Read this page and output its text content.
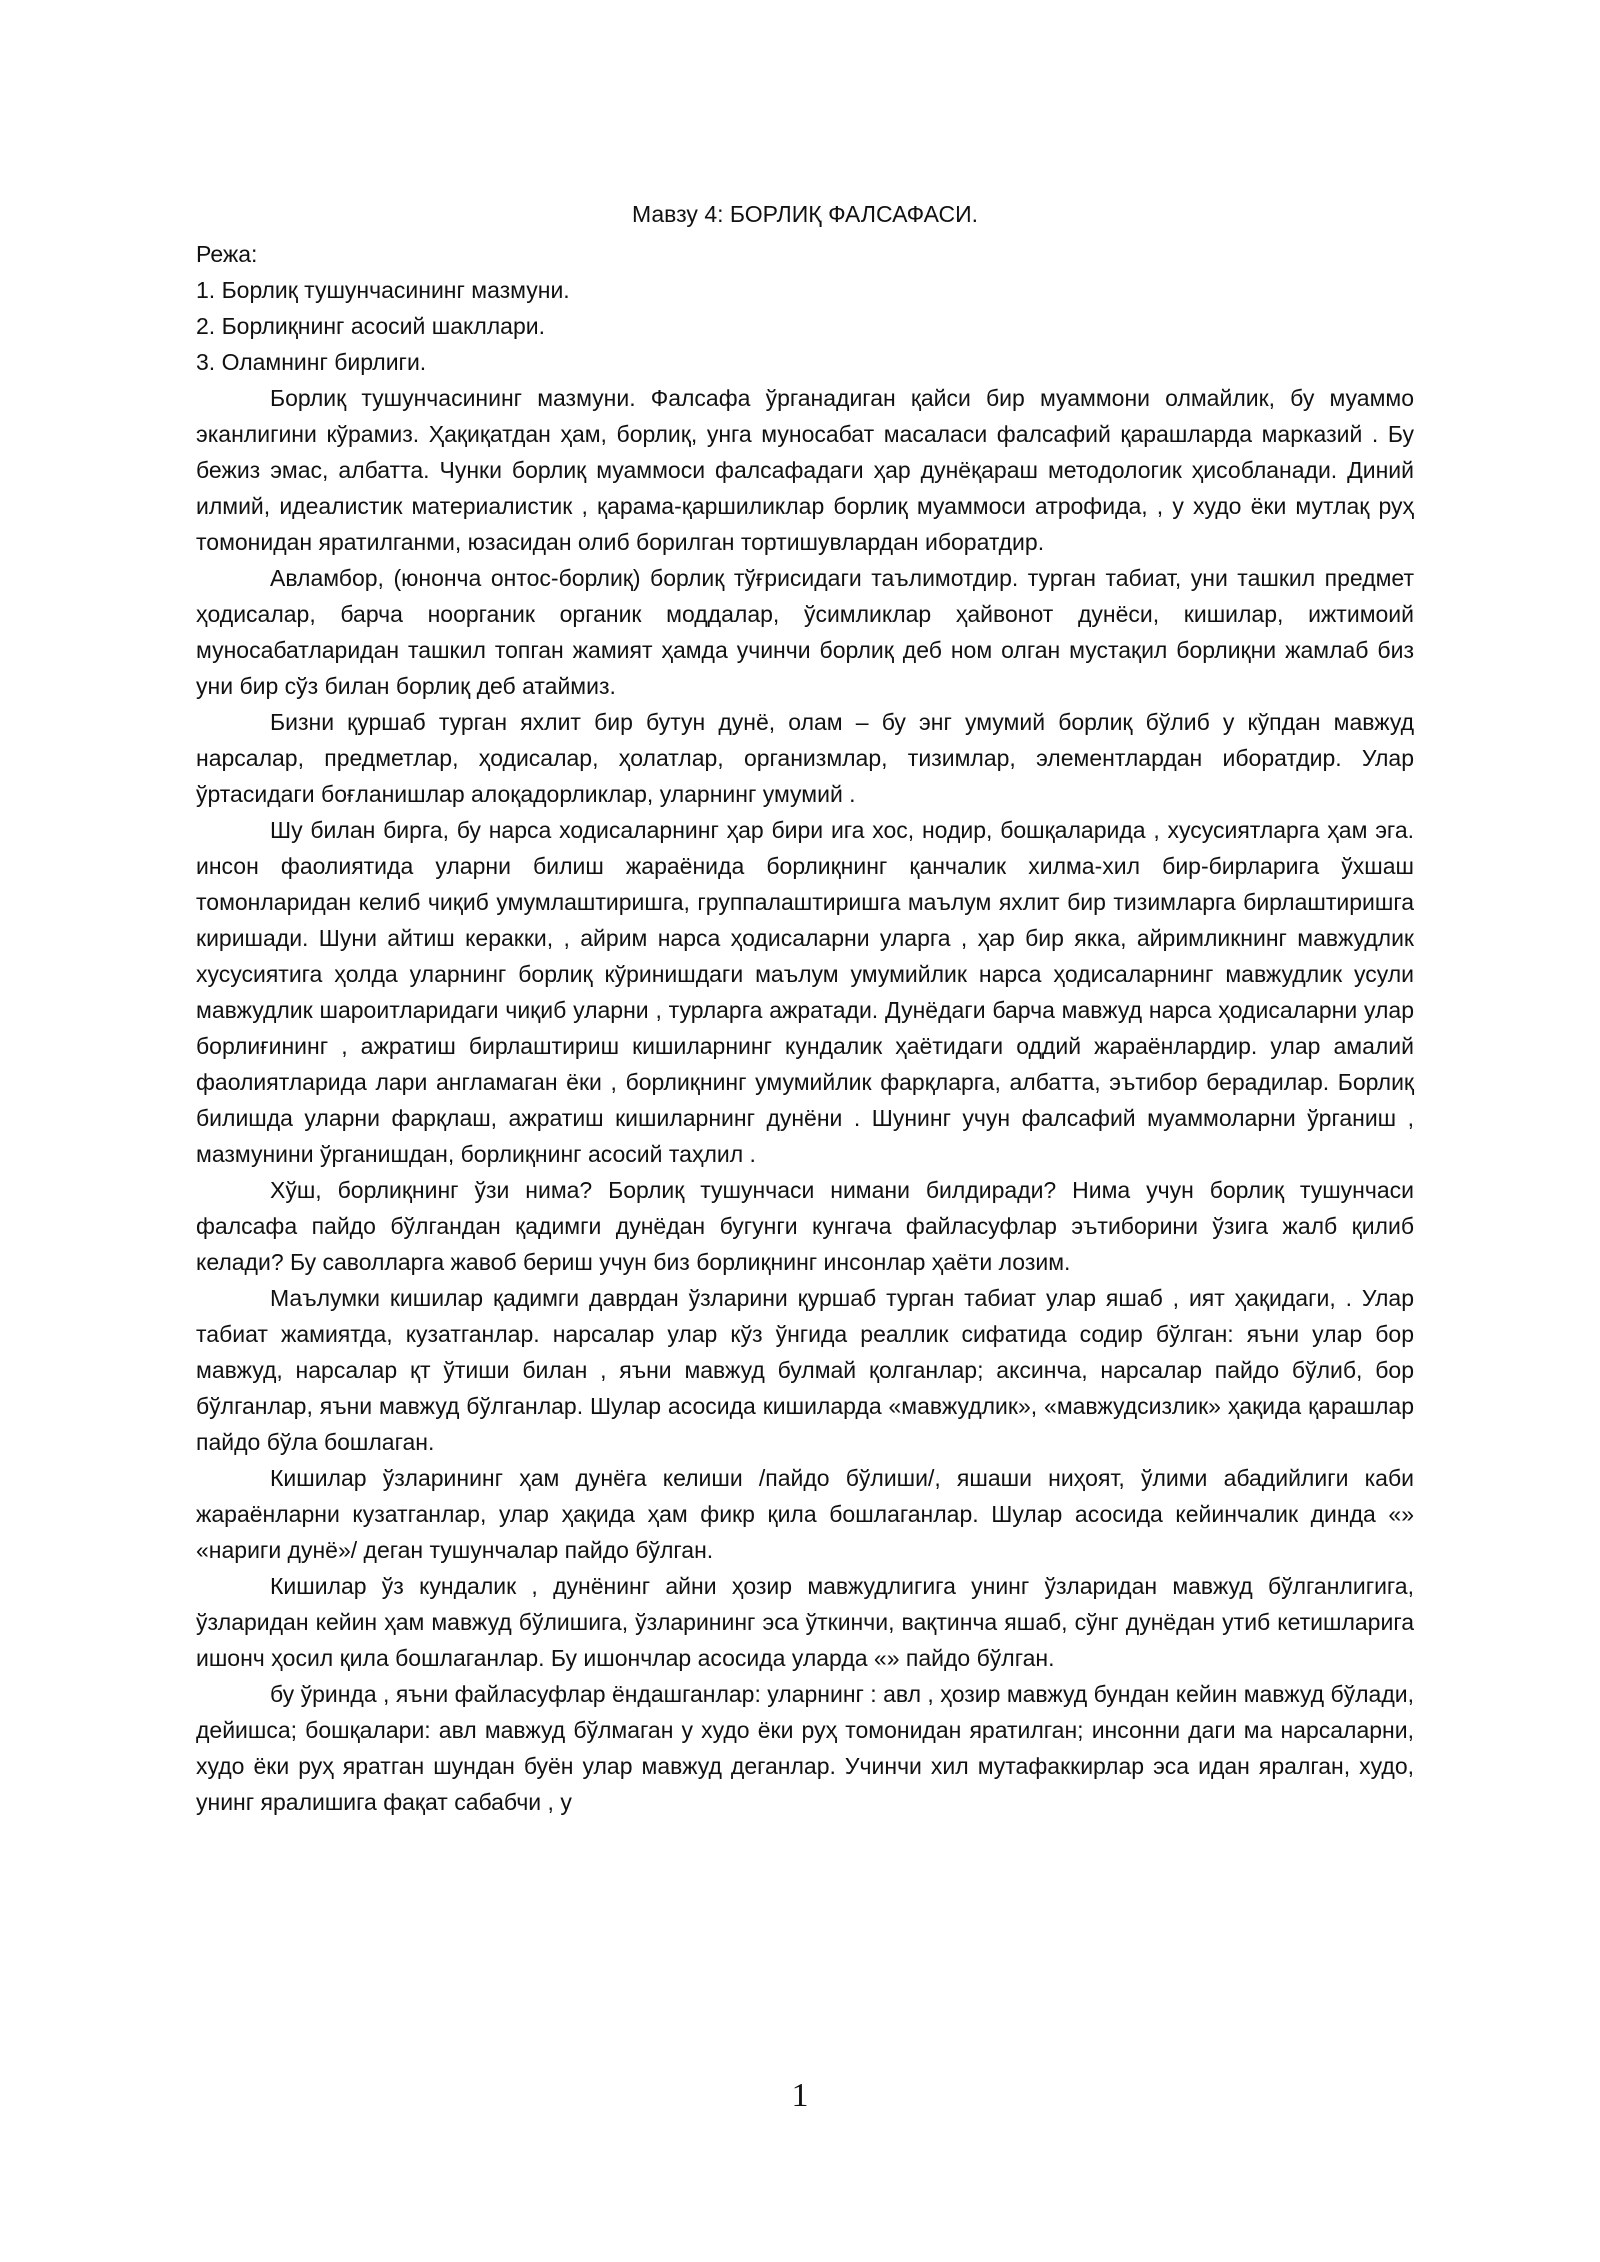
Мавзу 4: БОРЛИҚ ФАЛСАФАСИ.

Режа:

1. Борлиқ тушунчасининг мазмуни.

2. Борлиқнинг асосий шакллари.

3. Оламнинг бирлиги.

Борлиқ тушунчасининг мазмуни. Фалсафа ўрганадиган қайси бир муаммони олмайлик, бу муаммо эканлигини кўрамиз. Ҳақиқатдан ҳам, борлиқ, унга муносабат масаласи фалсафий қарашларда марказий . Бу бежиз эмас, албатта. Чунки борлиқ муаммоси фалсафадаги ҳар дунёқараш методологик ҳисобланади. Диний илмий, идеалистик материалистик , қарама-қаршиликлар борлиқ муаммоси атрофида, , у худо ёки мутлақ руҳ томонидан яратилганми, юзасидан олиб борилган тортишувлардан иборатдир.

Авламбор, (юнонча онтос-борлиқ) борлиқ тўғрисидаги таълимотдир. турган табиат, уни ташкил предмет ҳодисалар, барча ноорганик органик моддалар, ўсимликлар ҳайвонот дунёси, кишилар, ижтимоий муносабатларидан ташкил топган жамият ҳамда учинчи борлиқ деб ном олган мустақил борлиқни жамлаб биз уни бир сўз билан борлиқ деб атаймиз.

Бизни қуршаб турган яхлит бир бутун дунё, олам – бу энг умумий борлиқ бўлиб у кўпдан мавжуд нарсалар, предметлар, ҳодисалар, ҳолатлар, организмлар, тизимлар, элементлардан иборатдир. Улар ўртасидаги боғланишлар алоқадорликлар, уларнинг умумий .

Шу билан бирга, бу нарса ходисаларнинг ҳар бири ига хос, нодир, бошқаларида , хусусиятларга ҳам эга. инсон фаолиятида уларни билиш жараёнида борлиқнинг қанчалик хилма-хил бир-бирларига ўхшаш томонларидан келиб чиқиб умумлаштиришга, группалаштиришга маълум яхлит бир тизимларга бирлаштиришга киришади. Шуни айтиш керакки, , айрим нарса ҳодисаларни уларга , ҳар бир якка, айримликнинг мавжудлик хусусиятига ҳолда уларнинг борлиқ кўринишдаги маълум умумийлик нарса ҳодисаларнинг мавжудлик усули мавжудлик шароитларидаги чиқиб уларни , турларга ажратади. Дунёдаги барча мавжуд нарса ҳодисаларни улар борлиғининг , ажратиш бирлаштириш кишиларнинг кундалик ҳаётидаги оддий жараёнлардир. улар амалий фаолиятларида лари англамаган ёки , борлиқнинг умумийлик фарқларга, албатта, эътибор берадилар. Борлиқ билишда уларни фарқлаш, ажратиш кишиларнинг дунёни . Шунинг учун фалсафий муаммоларни ўрганиш , мазмунини ўрганишдан, борлиқнинг асосий таҳлил .

Хўш, борлиқнинг ўзи нима? Борлиқ тушунчаси нимани билдиради? Нима учун борлиқ тушунчаси фалсафа пайдо бўлгандан қадимги дунёдан бугунги кунгача файласуфлар эътиборини ўзига жалб қилиб келади? Бу саволларга жавоб бериш учун биз борлиқнинг инсонлар ҳаёти лозим.

Маълумки кишилар қадимги даврдан ўзларини қуршаб турган табиат улар яшаб , ият ҳақидаги, . Улар табиат жамиятда, кузатганлар. нарсалар улар кўз ўнгида реаллик сифатида содир бўлган: яъни улар бор мавжуд, нарсалар қт ўтиши билан , яъни мавжуд булмай қолганлар; аксинча, нарсалар пайдо бўлиб, бор бўлганлар, яъни мавжуд бўлганлар. Шулар асосида кишиларда «мавжудлик», «мавжудсизлик» ҳақида қарашлар пайдо бўла бошлаган.

Кишилар ўзларининг ҳам дунёга келиши /пайдо бўлиши/, яшаши ниҳоят, ўлими абадийлиги каби жараёнларни кузатганлар, улар ҳақида ҳам фикр қила бошлаганлар. Шулар асосида кейинчалик динда «» «нариги дунё»/ деган тушунчалар пайдо бўлган.

Кишилар ўз кундалик , дунёнинг айни ҳозир мавжудлигига унинг ўзларидан мавжуд бўлганлигига, ўзларидан кейин ҳам мавжуд бўлишига, ўзларининг эса ўткинчи, вақтинча яшаб, сўнг дунёдан утиб кетишларига ишонч ҳосил қила бошлаганлар. Бу ишончлар асосида уларда «» пайдо бўлган.

бу ўринда , яъни файласуфлар ёндашганлар: уларнинг : авл , ҳозир мавжуд бундан кейин мавжуд бўлади, дейишса; бошқалари: авл мавжуд бўлмаган у худо ёки руҳ томонидан яратилган; инсонни даги ма нарсаларни, худо ёки руҳ яратган шундан буён улар мавжуд деганлар. Учинчи хил мутафаккирлар эса идан яралган, худо, унинг яралишига фақат сабабчи , у

1
